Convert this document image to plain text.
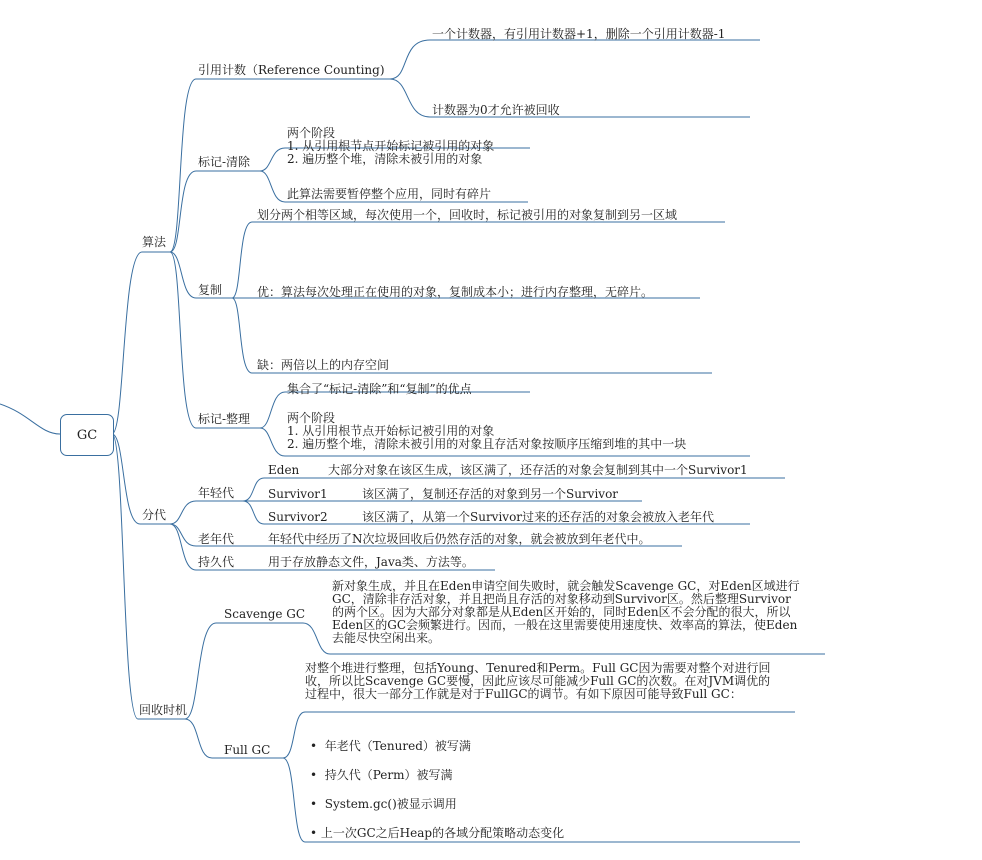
GC
算法
分代
回收时机
引用计数（Reference Counting)
一个计数器，有引用计数器+1，删除一个引用计数器-1
计数器为0才允许被回收
标记-清除
两个阶段
1. 从引用根节点开始标记被引用的对象
2. 遍历整个堆，清除未被引用的对象
此算法需要暂停整个应用，同时有碎片
复制
划分两个相等区域，每次使用一个，回收时，标记被引用的对象复制到另一区域
优：算法每次处理正在使用的对象，复制成本小；进行内存整理，无碎片。
缺：两倍以上的内存空间
标记-整理
集合了“标记-清除”和“复制”的优点
两个阶段
1. 从引用根节点开始标记被引用的对象
2. 遍历整个堆，清除未被引用的对象且存活对象按顺序压缩到堆的其中一块
年轻代
Eden 大部分对象在该区生成，该区满了，还存活的对象会复制到其中一个Survivor1
Survivor1	该区满了，复制还存活的对象到另一个Survivor
Survivor2	该区满了，从第一个Survivor过来的还存活的对象会被放入老年代
老年代	年轻代中经历了N次垃圾回收后仍然存活的对象，就会被放到年老代中。
持久代	用于存放静态文件，Java类、方法等。
Scavenge GC
新对象生成，并且在Eden申请空间失败时，就会触发Scavenge GC，对Eden区域进行
GC，清除非存活对象，并且把尚且存活的对象移动到Survivor区。然后整理Survivor
的两个区。因为大部分对象都是从Eden区开始的，同时Eden区不会分配的很大，所以
Eden区的GC会频繁进行。因而，一般在这里需要使用速度快、效率高的算法，使Eden
去能尽快空闲出来。
Full GC
对整个堆进行整理，包括Young、Tenured和Perm。Full GC因为需要对整个对进行回
收，所以比Scavenge GC要慢，因此应该尽可能减少Full GC的次数。在对JVM调优的
过程中，很大一部分工作就是对于FullGC的调节。有如下原因可能导致Full GC：
•  年老代（Tenured）被写满
•  持久代（Perm）被写满
•  System.gc()被显示调用
• 上一次GC之后Heap的各域分配策略动态变化
